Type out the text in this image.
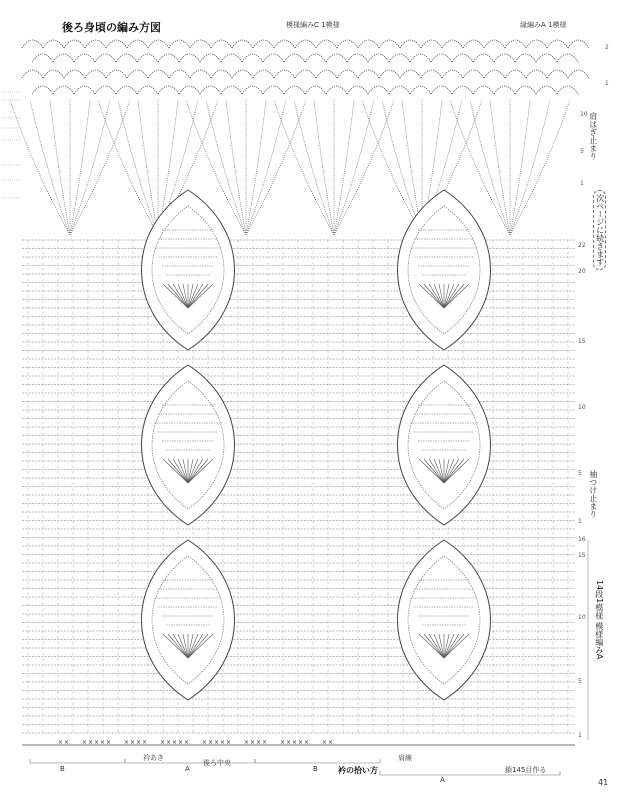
× × × × × × × × × × × × × × × × × × × × × × × × × × × × × × × ×
後ろ身頃の編み方図	模様編みC 1模様	縁編みA 1模様
肩はぎ止まり
次ページに続きます
袖つけ止まり
14段1模様 模様編みA
衿あき
後ろ中央
肩線
衿の拾い方	鎖145目作る
B	A	B
A
2
1
10
5
1
22
20
15
10
5
1
16
15
10
5
1
41
